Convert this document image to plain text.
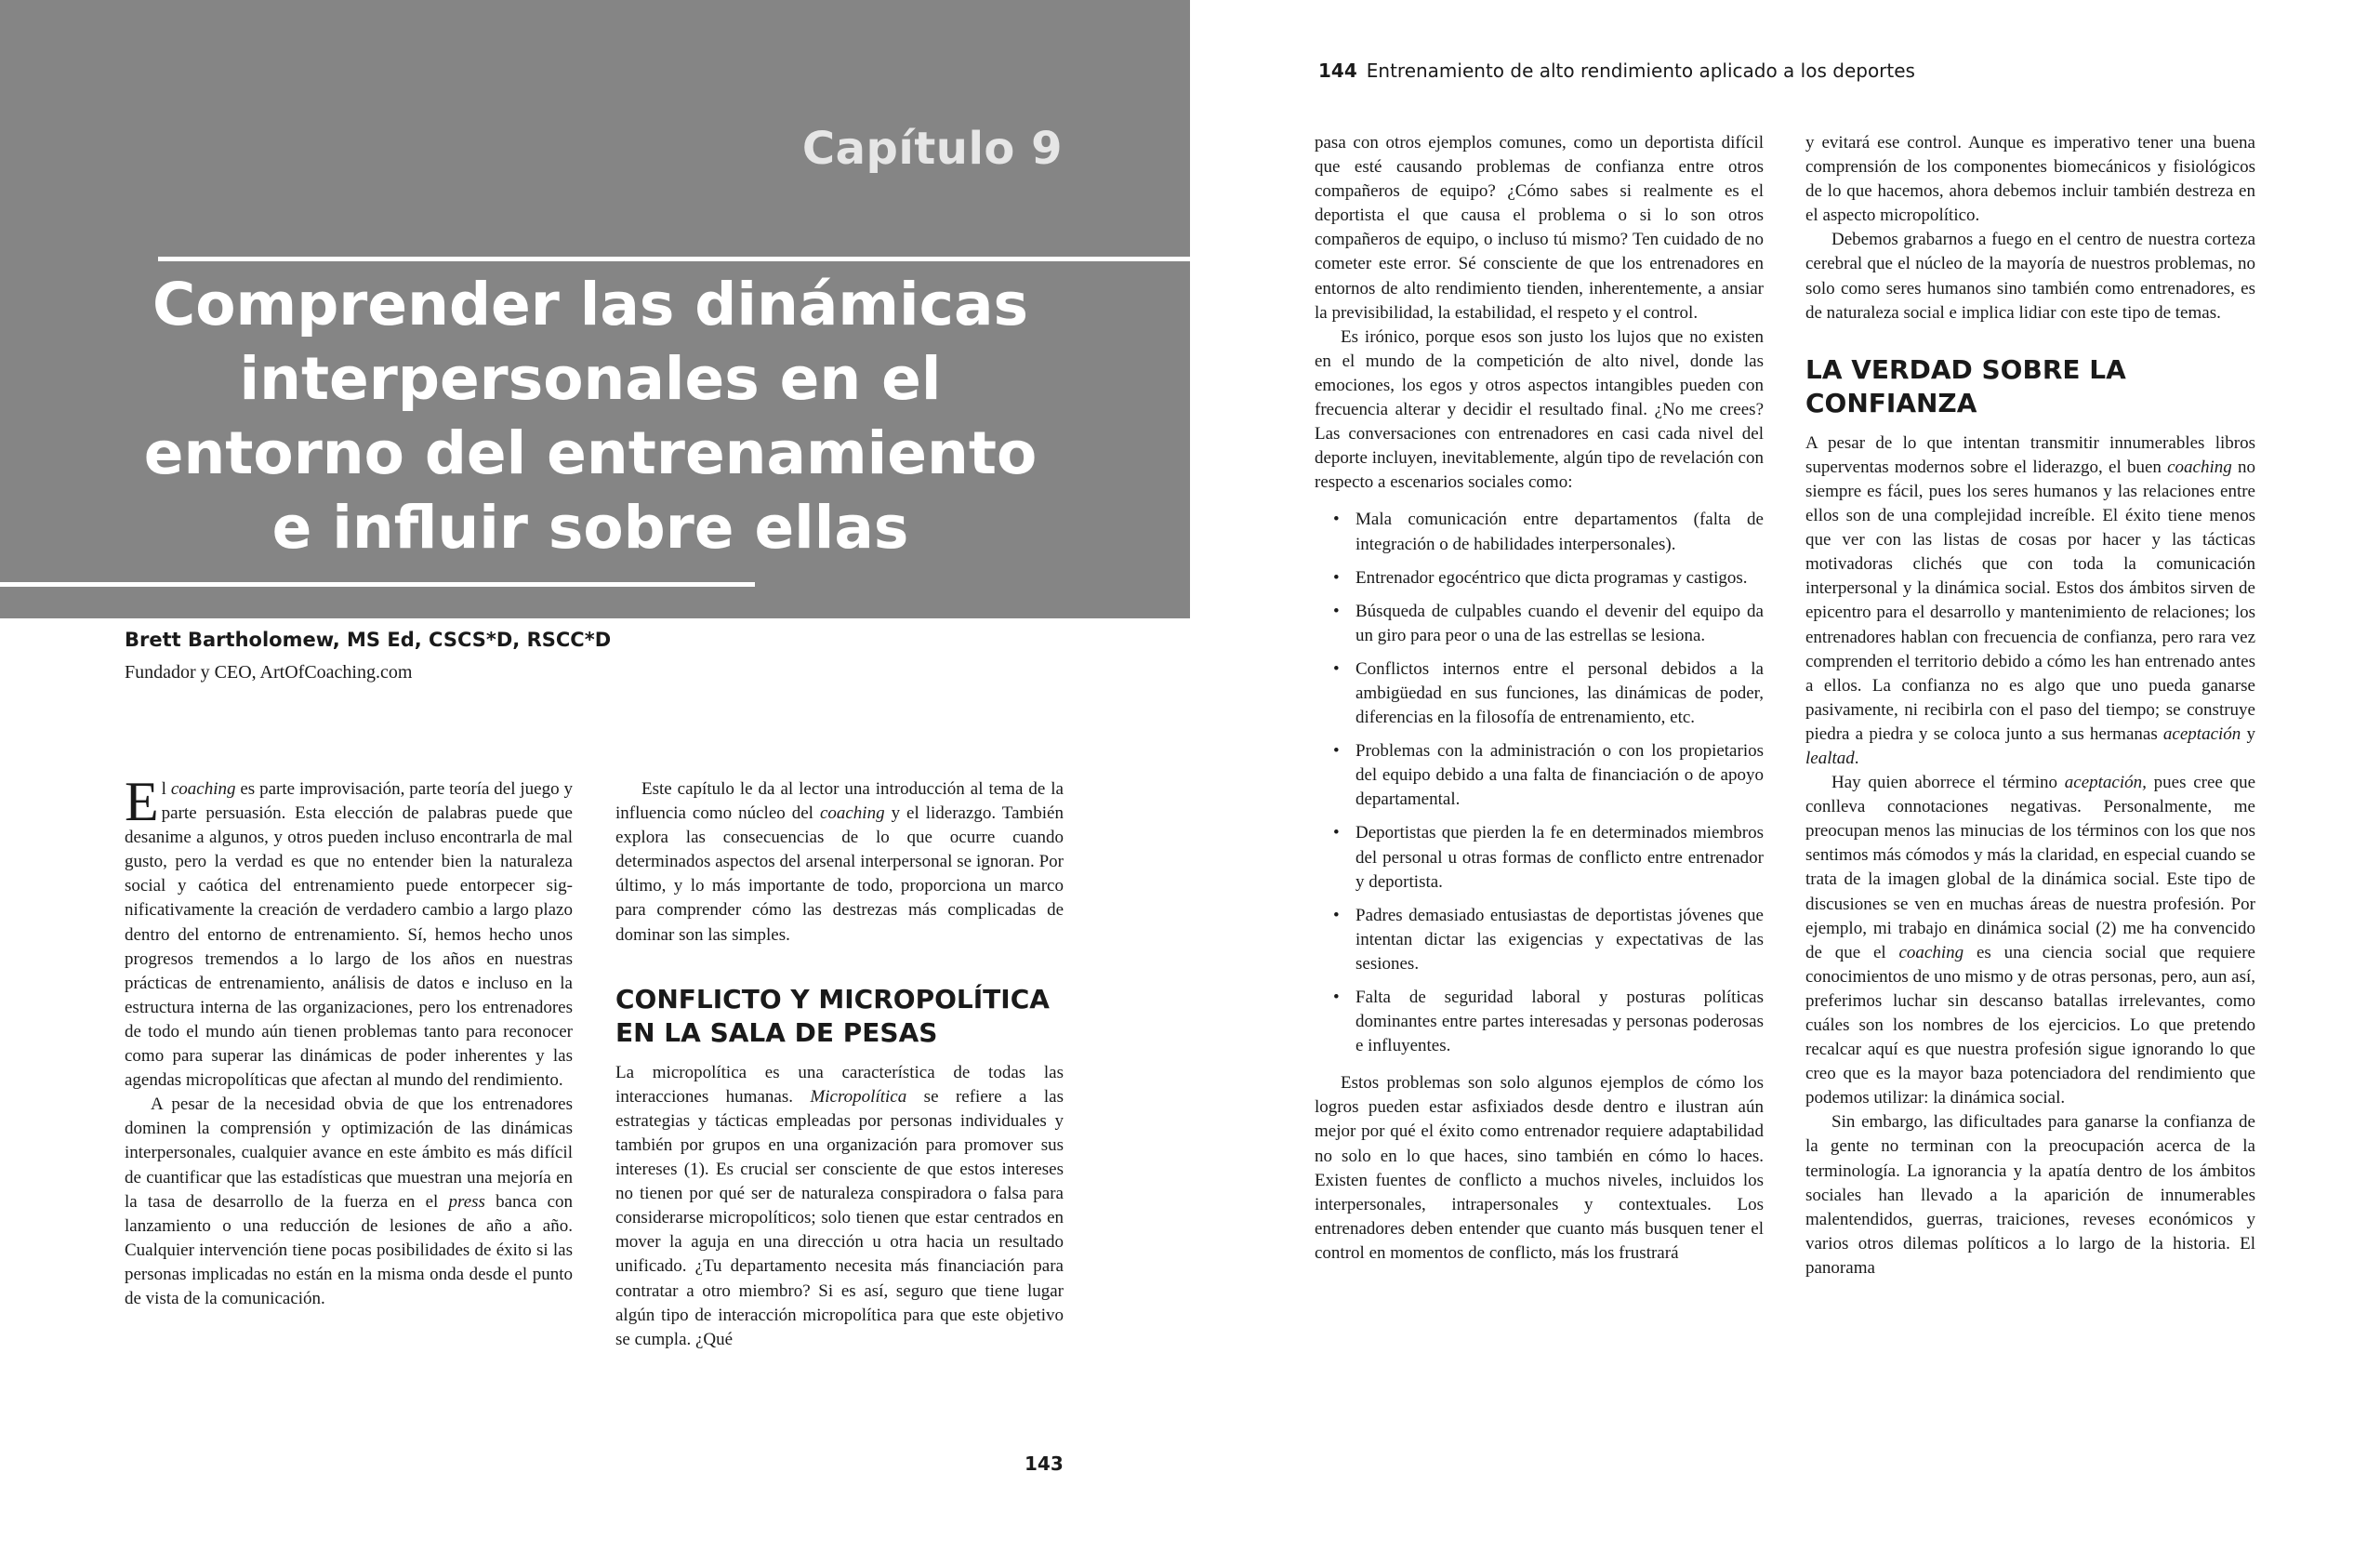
Capítulo 9
Comprender las dinámicas
interpersonales en el
entorno del entrenamiento
e influir sobre ellas
Brett Bartholomew, MS Ed, CSCS*D, RSCC*D
Fundador y CEO, ArtOfCoaching.com

El coaching es parte improvisación, parte teoría del juego y parte persuasión. Esta elección de palabras puede que desanime a algunos, y otros pueden incluso encontrarla de mal gusto, pero la verdad es que no entender bien la naturaleza social y caótica del entrenamiento puede entorpecer significativamente la creación de verdadero cambio a largo plazo dentro del entorno de entrenamiento. Sí, hemos hecho unos progresos tremendos a lo largo de los años en nuestras prácticas de entrenamiento, análisis de datos e incluso en la estructura interna de las organizaciones, pero los entrenadores de todo el mundo aún tienen problemas tanto para reconocer como para superar las dinámicas de poder inherentes y las agendas micropolíticas que afectan al mundo del rendimiento.

A pesar de la necesidad obvia de que los entrenadores dominen la comprensión y optimización de las dinámicas interpersonales, cualquier avance en este ámbito es más difícil de cuantificar que las estadísticas que muestran una mejoría en la tasa de desarrollo de la fuerza en el press banca con lanzamiento o una reducción de lesiones de año a año. Cualquier intervención tiene pocas posibilidades de éxito si las personas implicadas no están en la misma onda desde el punto de vista de la comunicación.

Este capítulo le da al lector una introducción al tema de la influencia como núcleo del coaching y el liderazgo. También explora las consecuencias de lo que ocurre cuando determinados aspectos del arsenal interpersonal se ignoran. Por último, y lo más importante de todo, proporciona un marco para comprender cómo las destrezas más complicadas de dominar son las simples.

CONFLICTO Y MICROPOLÍTICA
EN LA SALA DE PESAS

La micropolítica es una característica de todas las interacciones humanas. Micropolítica se refiere a las estrategias y tácticas empleadas por personas individuales y también por grupos en una organización para promover sus intereses (1). Es crucial ser consciente de que estos intereses no tienen por qué ser de naturaleza conspiradora o falsa para considerarse micropolíticos; solo tienen que estar centrados en mover la aguja en una dirección u otra hacia un resultado unificado. ¿Tu departamento necesita más financiación para contratar a otro miembro? Si es así, seguro que tiene lugar algún tipo de interacción micropolítica para que este objetivo se cumpla. ¿Qué

143
144 Entrenamiento de alto rendimiento aplicado a los deportes

pasa con otros ejemplos comunes, como un deportista difícil que esté causando problemas de confianza entre otros compañeros de equipo? ¿Cómo sabes si realmente es el deportista el que causa el problema o si lo son otros compañeros de equipo, o incluso tú mismo? Ten cuidado de no cometer este error. Sé consciente de que los entrenadores en entornos de alto rendimiento tienden, inherentemente, a ansiar la previsibilidad, la estabilidad, el respeto y el control.

Es irónico, porque esos son justo los lujos que no existen en el mundo de la competición de alto nivel, donde las emociones, los egos y otros aspectos intangibles pueden con frecuencia alterar y decidir el resultado final. ¿No me crees? Las conversaciones con entrenadores en casi cada nivel del deporte incluyen, inevitablemente, algún tipo de revelación con respecto a escenarios sociales como:

• Mala comunicación entre departamentos (falta de integración o de habilidades interpersonales).
• Entrenador egocéntrico que dicta programas y castigos.
• Búsqueda de culpables cuando el devenir del equipo da un giro para peor o una de las estrellas se lesiona.
• Conflictos internos entre el personal debidos a la ambigüedad en sus funciones, las dinámicas de poder, diferencias en la filosofía de entrenamiento, etc.
• Problemas con la administración o con los propietarios del equipo debido a una falta de financiación o de apoyo departamental.
• Deportistas que pierden la fe en determinados miembros del personal u otras formas de conflicto entre entrenador y deportista.
• Padres demasiado entusiastas de deportistas jóvenes que intentan dictar las exigencias y expectativas de las sesiones.
• Falta de seguridad laboral y posturas políticas dominantes entre partes interesadas y personas poderosas e influyentes.

Estos problemas son solo algunos ejemplos de cómo los logros pueden estar asfixiados desde dentro e ilustran aún mejor por qué el éxito como entrenador requiere adaptabilidad no solo en lo que haces, sino también en cómo lo haces. Existen fuentes de conflicto a muchos niveles, incluidos los interpersonales, intrapersonales y contextuales. Los entrenadores deben entender que cuanto más busquen tener el control en momentos de conflicto, más los frustrará

y evitará ese control. Aunque es imperativo tener una buena comprensión de los componentes biomecánicos y fisiológicos de lo que hacemos, ahora debemos incluir también destreza en el aspecto micropolítico.

Debemos grabarnos a fuego en el centro de nuestra corteza cerebral que el núcleo de la mayoría de nuestros problemas, no solo como seres humanos sino también como entrenadores, es de naturaleza social e implica lidiar con este tipo de temas.

LA VERDAD SOBRE LA CONFIANZA

A pesar de lo que intentan transmitir innumerables libros superventas modernos sobre el liderazgo, el buen coaching no siempre es fácil, pues los seres humanos y las relaciones entre ellos son de una complejidad increíble. El éxito tiene menos que ver con las listas de cosas por hacer y las tácticas motivadoras clichés que con toda la comunicación interpersonal y la dinámica social. Estos dos ámbitos sirven de epicentro para el desarrollo y mantenimiento de relaciones; los entrenadores hablan con frecuencia de confianza, pero rara vez comprenden el territorio debido a cómo les han entrenado antes a ellos. La confianza no es algo que uno pueda ganarse pasivamente, ni recibirla con el paso del tiempo; se construye piedra a piedra y se coloca junto a sus hermanas aceptación y lealtad.

Hay quien aborrece el término aceptación, pues cree que conlleva connotaciones negativas. Personalmente, me preocupan menos las minucias de los términos con los que nos sentimos más cómodos y más la claridad, en especial cuando se trata de la imagen global de la dinámica social. Este tipo de discusiones se ven en muchas áreas de nuestra profesión. Por ejemplo, mi trabajo en dinámica social (2) me ha convencido de que el coaching es una ciencia social que requiere conocimientos de uno mismo y de otras personas, pero, aun así, preferimos luchar sin descanso batallas irrelevantes, como cuáles son los nombres de los ejercicios. Lo que pretendo recalcar aquí es que nuestra profesión sigue ignorando lo que creo que es la mayor baza potenciadora del rendimiento que podemos utilizar: la dinámica social.

Sin embargo, las dificultades para ganarse la confianza de la gente no terminan con la preocupación acerca de la terminología. La ignorancia y la apatía dentro de los ámbitos sociales han llevado a la aparición de innumerables malentendidos, guerras, traiciones, reveses económicos y varios otros dilemas políticos a lo largo de la historia. El panorama
